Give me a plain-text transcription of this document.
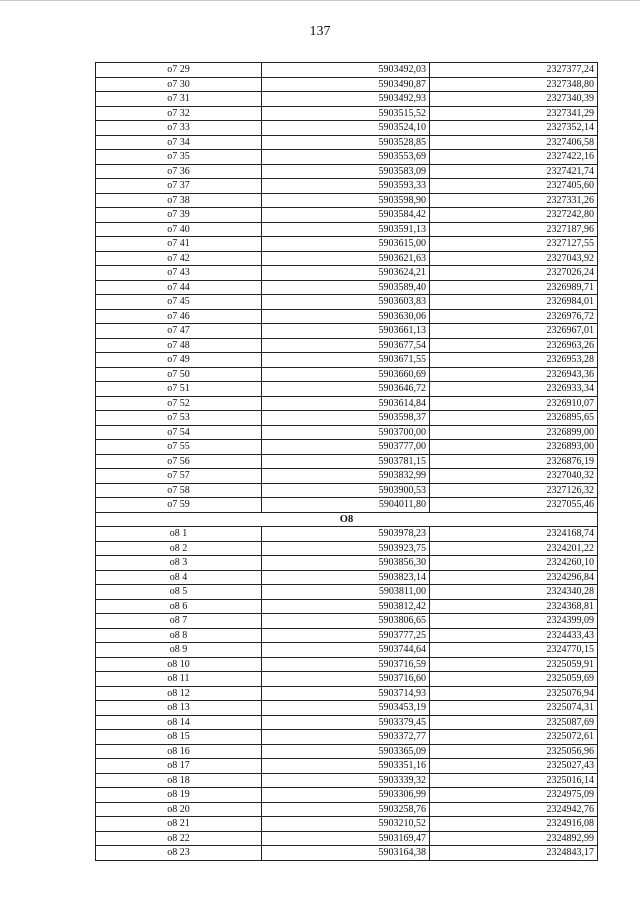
137
о7 29	5903492,03	2327377,24
о7 30	5903490,87	2327348,80
о7 31	5903492,93	2327340,39
о7 32	5903515,52	2327341,29
о7 33	5903524,10	2327352,14
о7 34	5903528,85	2327406,58
о7 35	5903553,69	2327422,16
о7 36	5903583,09	2327421,74
о7 37	5903593,33	2327405,60
о7 38	5903598,90	2327331,26
о7 39	5903584,42	2327242,80
о7 40	5903591,13	2327187,96
о7 41	5903615,00	2327127,55
о7 42	5903621,63	2327043,92
о7 43	5903624,21	2327026,24
о7 44	5903589,40	2326989,71
о7 45	5903603,83	2326984,01
о7 46	5903630,06	2326976,72
о7 47	5903661,13	2326967,01
о7 48	5903677,54	2326963,26
о7 49	5903671,55	2326953,28
о7 50	5903660,69	2326943,36
о7 51	5903646,72	2326933,34
о7 52	5903614,84	2326910,07
о7 53	5903598,37	2326895,65
о7 54	5903700,00	2326899,00
о7 55	5903777,00	2326893,00
о7 56	5903781,15	2326876,19
о7 57	5903832,99	2327040,32
о7 58	5903900,53	2327126,32
о7 59	5904011,80	2327055,46
О8		
о8 1	5903978,23	2324168,74
о8 2	5903923,75	2324201,22
о8 3	5903856,30	2324260,10
о8 4	5903823,14	2324296,84
о8 5	5903811,00	2324340,28
о8 6	5903812,42	2324368,81
о8 7	5903806,65	2324399,09
о8 8	5903777,25	2324433,43
о8 9	5903744,64	2324770,15
о8 10	5903716,59	2325059,91
о8 11	5903716,60	2325059,69
о8 12	5903714,93	2325076,94
о8 13	5903453,19	2325074,31
о8 14	5903379,45	2325087,69
о8 15	5903372,77	2325072,61
о8 16	5903365,09	2325056,96
о8 17	5903351,16	2325027,43
о8 18	5903339,32	2325016,14
о8 19	5903306,99	2324975,09
о8 20	5903258,76	2324942,76
о8 21	5903210,52	2324916,08
о8 22	5903169,47	2324892,99
о8 23	5903164,38	2324843,17
